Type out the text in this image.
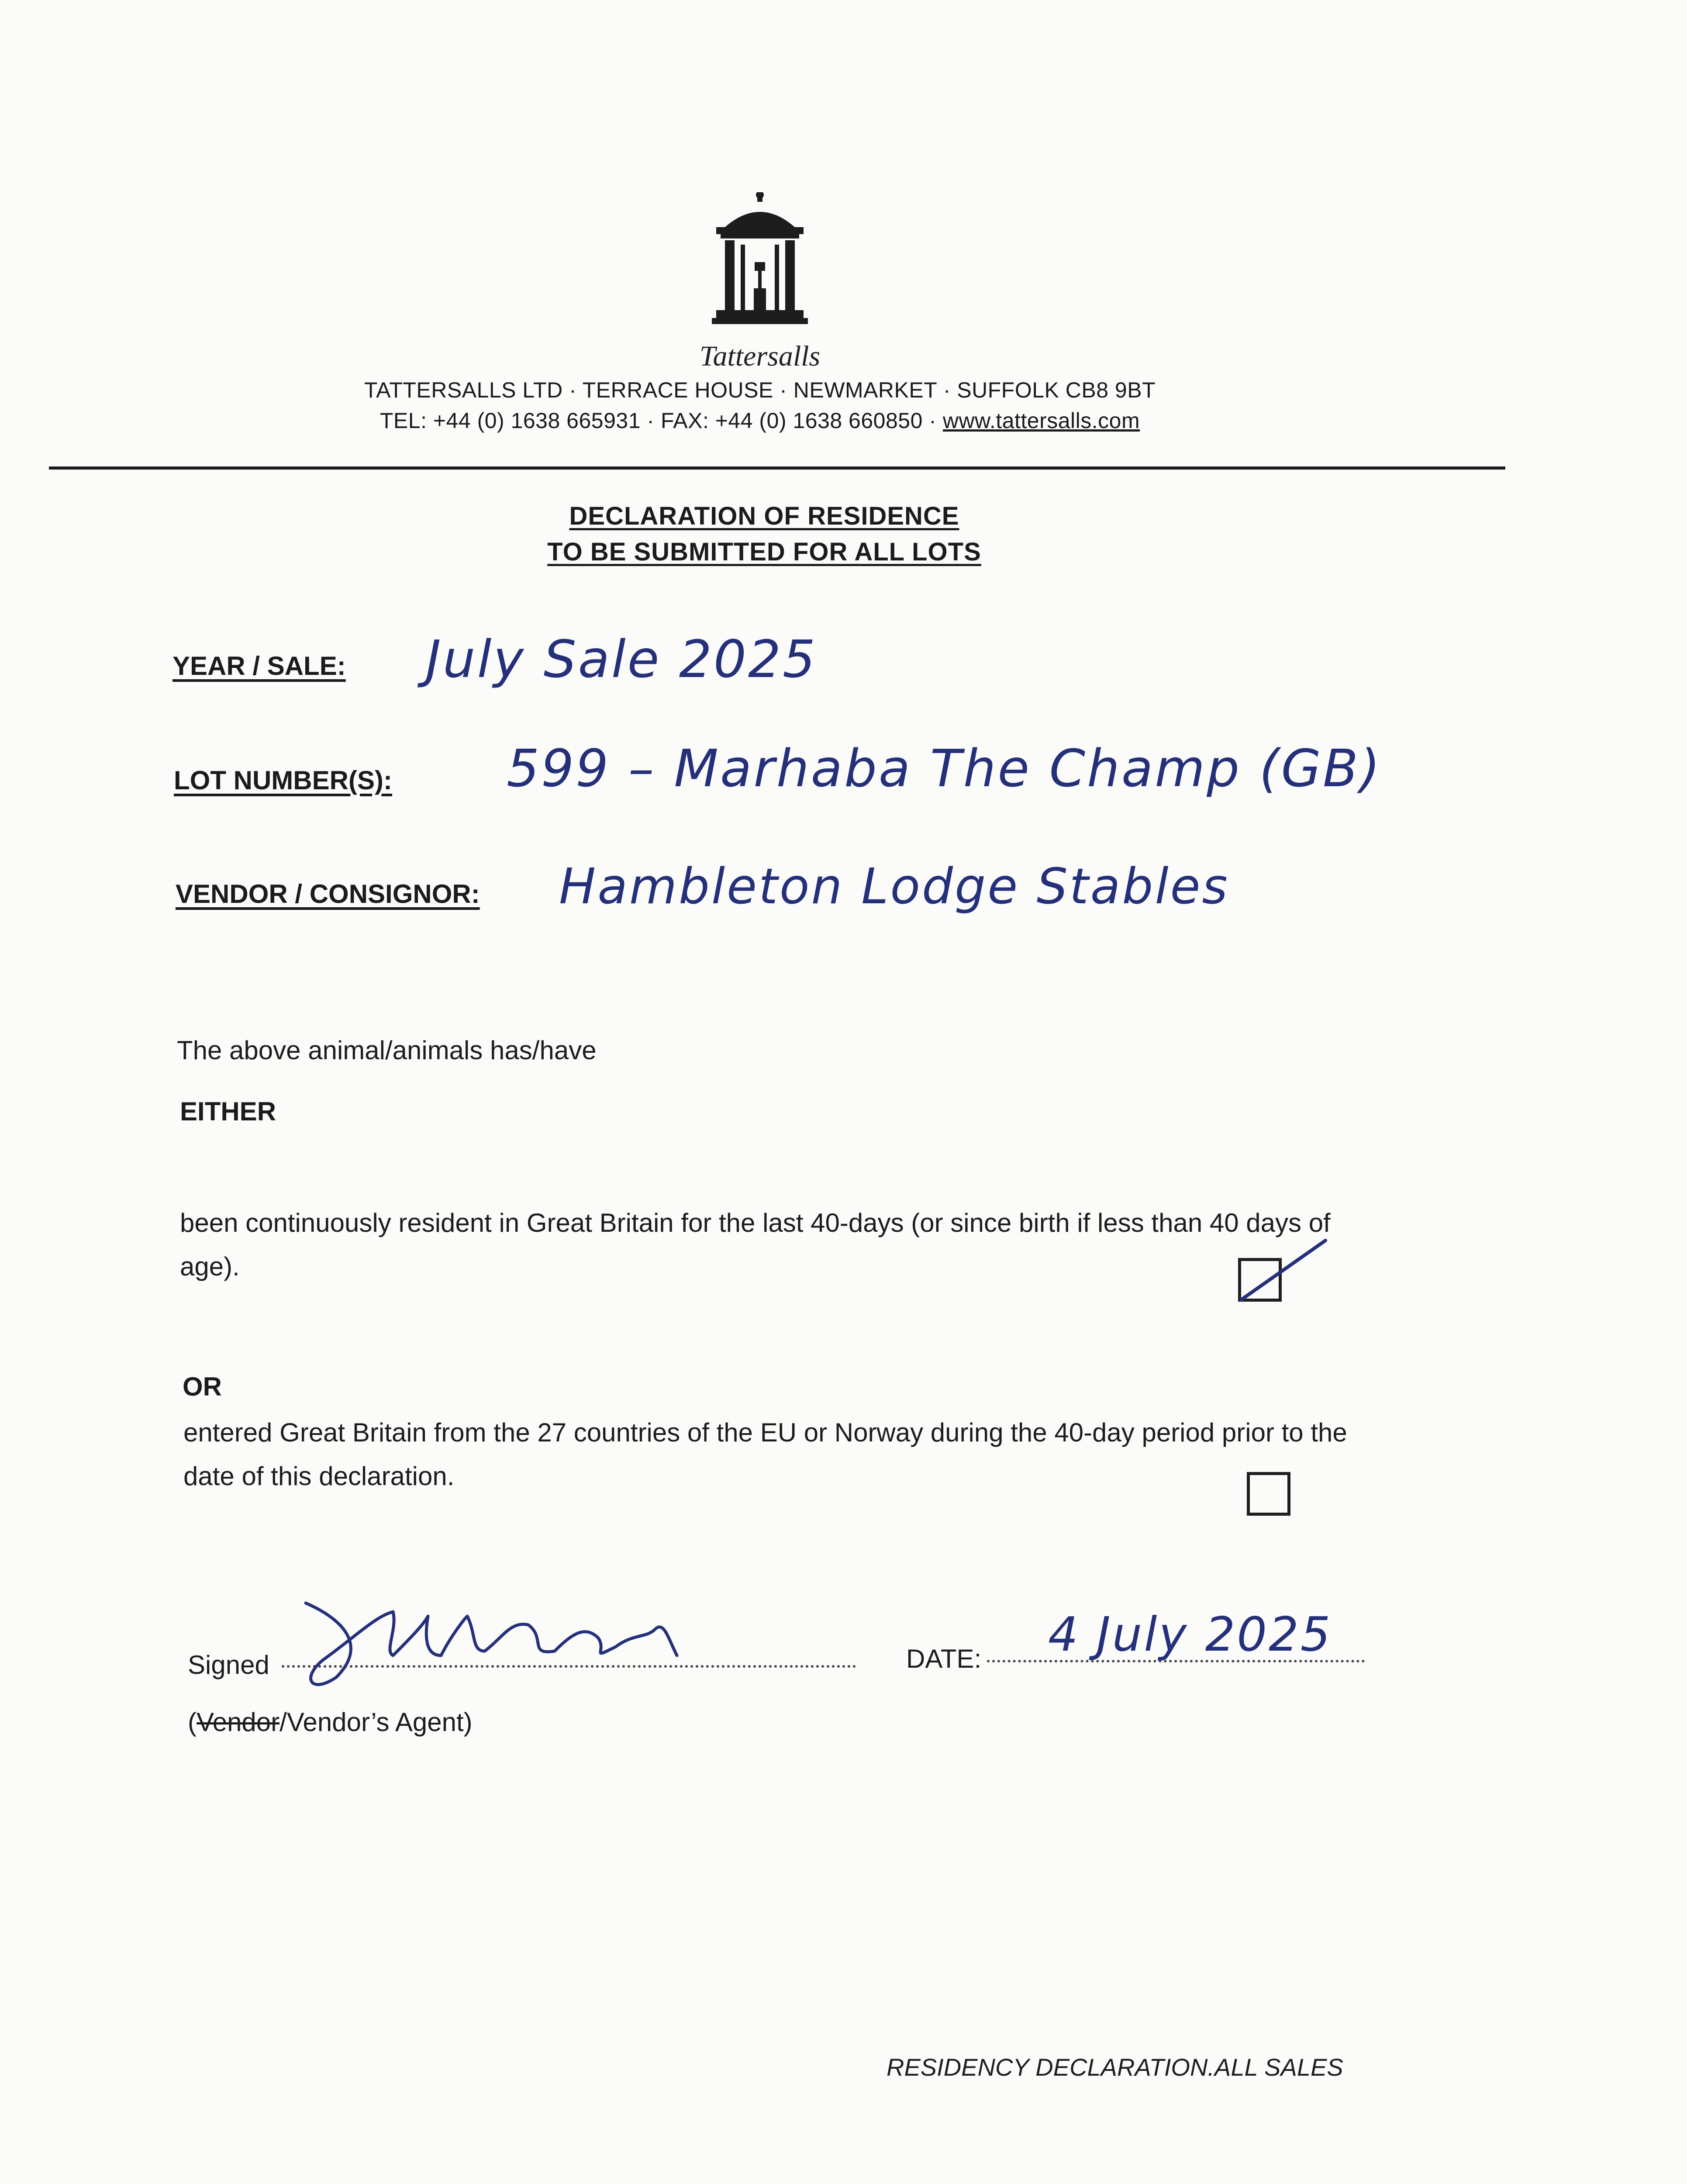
Tattersalls
TATTERSALLS LTD · TERRACE HOUSE · NEWMARKET · SUFFOLK CB8 9BT
TEL: +44 (0) 1638 665931 · FAX: +44 (0) 1638 660850 · www.tattersalls.com
DECLARATION OF RESIDENCE
TO BE SUBMITTED FOR ALL LOTS
YEAR / SALE: July Sale 2025
LOT NUMBER(S): 599 – Marhaba The Champ (GB)
VENDOR / CONSIGNOR: Hambleton Lodge Stables
The above animal/animals has/have
EITHER
been continuously resident in Great Britain for the last 40-days (or since birth if less than 40 days of age).
OR
entered Great Britain from the 27 countries of the EU or Norway during the 40-day period prior to the date of this declaration.
Signed	DATE: 4 July 2025
(Vendor/Vendor’s Agent)
RESIDENCY DECLARATION.ALL SALES
